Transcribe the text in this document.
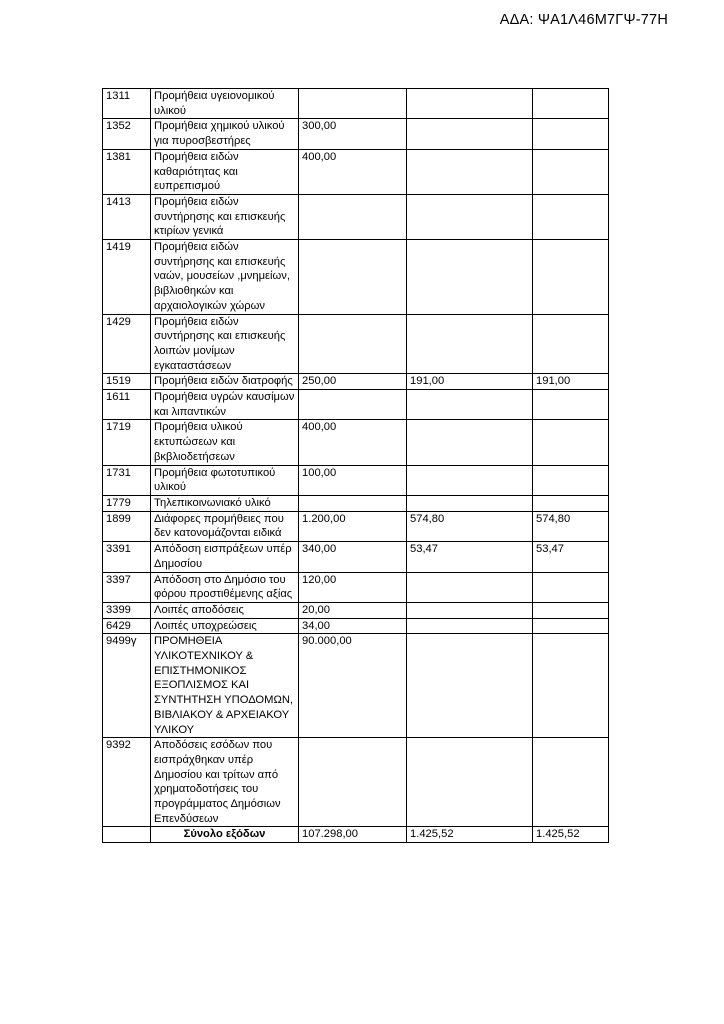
ΑΔΑ: ΨΑ1Λ46Μ7ΓΨ-77Η
1311	Προμήθεια υγειονομικού υλικού			
1352	Προμήθεια χημικού υλικού για πυροσβεστήρες	300,00		
1381	Προμήθεια ειδών καθαριότητας και ευπρεπισμού	400,00		
1413	Προμήθεια ειδών συντήρησης και επισκευής κτιρίων γενικά			
1419	Προμήθεια ειδών συντήρησης και επισκευής ναών, μουσείων ,μνημείων, βιβλιοθηκών και αρχαιολογικών χώρων			
1429	Προμήθεια ειδών συντήρησης και επισκευής λοιπών μονίμων εγκαταστάσεων			
1519	Προμήθεια ειδών διατροφής	250,00	191,00	191,00
1611	Προμήθεια υγρών καυσίμων και λιπαντικών			
1719	Προμήθεια υλικού εκτυπώσεων και βκβλιοδετήσεων	400,00		
1731	Προμήθεια φωτοτυπικού υλικού	100,00		
1779	Τηλεπικοινωνιακό υλικό			
1899	Διάφορες προμήθειες που δεν κατονομάζονται ειδικά	1.200,00	574,80	574,80
3391	Απόδοση εισπράξεων υπέρ Δημοσίου	340,00	53,47	53,47
3397	Απόδοση στο Δημόσιο του φόρου προστιθέμενης αξίας	120,00		
3399	Λοιπές αποδόσεις	20,00		
6429	Λοιπές υποχρεώσεις	34,00		
9499γ	ΠΡΟΜΗΘΕΙΑ ΥΛΙΚΟΤΕΧΝΙΚΟΥ & ΕΠΙΣΤΗΜΟΝΙΚΟΣ ΕΞΟΠΛΙΣΜΟΣ ΚΑΙ ΣΥΝΤΗΤΗΣΗ ΥΠΟΔΟΜΩΝ, ΒΙΒΛΙΑΚΟΥ & ΑΡΧΕΙΑΚΟΥ ΥΛΙΚΟΥ	90.000,00		
9392	Αποδόσεις εσόδων που εισπράχθηκαν υπέρ Δημοσίου και τρίτων από χρηματοδοτήσεις του προγράμματος Δημόσιων Επενδύσεων			
	Σύνολο εξόδων	107.298,00	1.425,52	1.425,52
